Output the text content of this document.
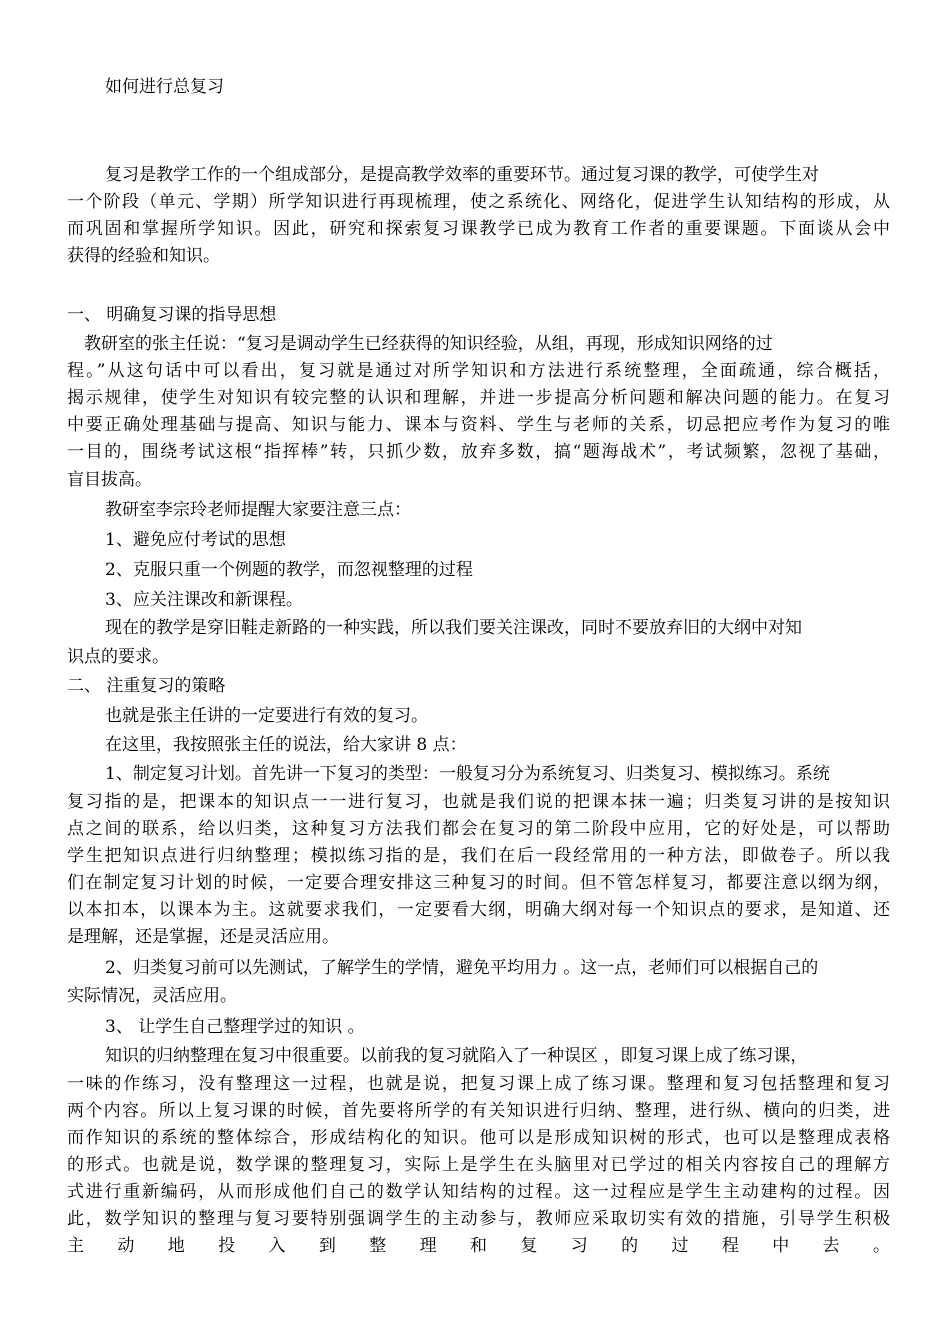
如何进行总复习
复习是教学工作的一个组成部分，是提高教学效率的重要环节。通过复习课的教学，可使学生对
一个阶段（单元、学期）所学知识进行再现梳理，使之系统化、网络化，促进学生认知结构的形成，从
而巩固和掌握所学知识。因此，研究和探索复习课教学已成为教育工作者的重要课题。下面谈从会中
获得的经验和知识。
一、 明确复习课的指导思想
教研室的张主任说：“复习是调动学生已经获得的知识经验，从组，再现，形成知识网络的过
程。”从这句话中可以看出，复习就是通过对所学知识和方法进行系统整理，全面疏通，综合概括，
揭示规律，使学生对知识有较完整的认识和理解，并进一步提高分析问题和解决问题的能力。在复习
中要正确处理基础与提高、知识与能力、课本与资料、学生与老师的关系，切忌把应考作为复习的唯
一目的，围绕考试这根“指挥棒”转，只抓少数，放弃多数，搞“题海战术”，考试频繁，忽视了基础，
盲目拔高。
教研室李宗玲老师提醒大家要注意三点：
1、避免应付考试的思想
2、克服只重一个例题的教学，而忽视整理的过程
3、应关注课改和新课程。
现在的教学是穿旧鞋走新路的一种实践，所以我们要关注课改，同时不要放弃旧的大纲中对知
识点的要求。
二、 注重复习的策略
也就是张主任讲的一定要进行有效的复习。
在这里，我按照张主任的说法，给大家讲 8 点：
1、制定复习计划。首先讲一下复习的类型：一般复习分为系统复习、归类复习、模拟练习。系统
复习指的是，把课本的知识点一一进行复习，也就是我们说的把课本抹一遍；归类复习讲的是按知识
点之间的联系，给以归类，这种复习方法我们都会在复习的第二阶段中应用，它的好处是，可以帮助
学生把知识点进行归纳整理；模拟练习指的是，我们在后一段经常用的一种方法，即做卷子。所以我
们在制定复习计划的时候，一定要合理安排这三种复习的时间。但不管怎样复习，都要注意以纲为纲，
以本扣本，以课本为主。这就要求我们，一定要看大纲，明确大纲对每一个知识点的要求，是知道、还
是理解，还是掌握，还是灵活应用。
2、归类复习前可以先测试，了解学生的学情，避免平均用力 。这一点，老师们可以根据自己的
实际情况，灵活应用。
3、 让学生自己整理学过的知识 。
知识的归纳整理在复习中很重要。以前我的复习就陷入了一种误区 ，即复习课上成了练习课，
一味的作练习，没有整理这一过程，也就是说，把复习课上成了练习课。整理和复习包括整理和复习
两个内容。所以上复习课的时候，首先要将所学的有关知识进行归纳、整理，进行纵、横向的归类，进
而作知识的系统的整体综合，形成结构化的知识。他可以是形成知识树的形式，也可以是整理成表格
的形式。也就是说，数学课的整理复习，实际上是学生在头脑里对已学过的相关内容按自己的理解方
式进行重新编码，从而形成他们自己的数学认知结构的过程。这一过程应是学生主动建构的过程。因
此，数学知识的整理与复习要特别强调学生的主动参与，教师应采取切实有效的措施，引导学生积极
主动地投入到整理和复习的过程中去。
